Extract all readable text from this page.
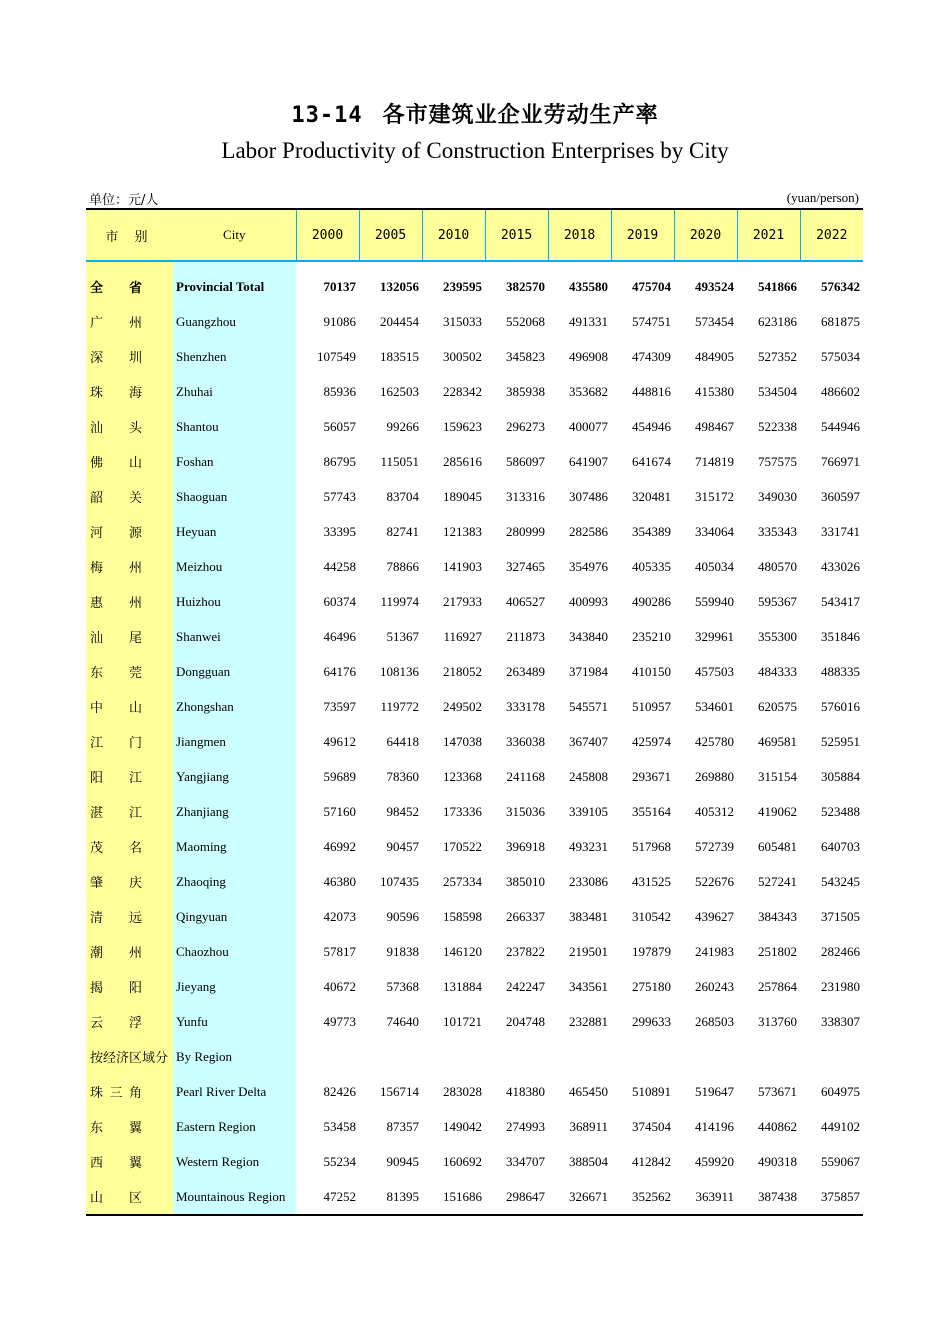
13-14 各市建筑业企业劳动生产率
Labor Productivity of Construction Enterprises by City
单位：元/人	(yuan/person)
市 别	City	2000	2005	2010	2015	2018	2019	2020	2021	2022

全省	Provincial Total	70137	132056	239595	382570	435580	475704	493524	541866	576342
广州	Guangzhou	91086	204454	315033	552068	491331	574751	573454	623186	681875
深圳	Shenzhen	107549	183515	300502	345823	496908	474309	484905	527352	575034
珠海	Zhuhai	85936	162503	228342	385938	353682	448816	415380	534504	486602
汕头	Shantou	56057	99266	159623	296273	400077	454946	498467	522338	544946
佛山	Foshan	86795	115051	285616	586097	641907	641674	714819	757575	766971
韶关	Shaoguan	57743	83704	189045	313316	307486	320481	315172	349030	360597
河源	Heyuan	33395	82741	121383	280999	282586	354389	334064	335343	331741
梅州	Meizhou	44258	78866	141903	327465	354976	405335	405034	480570	433026
惠州	Huizhou	60374	119974	217933	406527	400993	490286	559940	595367	543417
汕尾	Shanwei	46496	51367	116927	211873	343840	235210	329961	355300	351846
东莞	Dongguan	64176	108136	218052	263489	371984	410150	457503	484333	488335
中山	Zhongshan	73597	119772	249502	333178	545571	510957	534601	620575	576016
江门	Jiangmen	49612	64418	147038	336038	367407	425974	425780	469581	525951
阳江	Yangjiang	59689	78360	123368	241168	245808	293671	269880	315154	305884
湛江	Zhanjiang	57160	98452	173336	315036	339105	355164	405312	419062	523488
茂名	Maoming	46992	90457	170522	396918	493231	517968	572739	605481	640703
肇庆	Zhaoqing	46380	107435	257334	385010	233086	431525	522676	527241	543245
清远	Qingyuan	42073	90596	158598	266337	383481	310542	439627	384343	371505
潮州	Chaozhou	57817	91838	146120	237822	219501	197879	241983	251802	282466
揭阳	Jieyang	40672	57368	131884	242247	343561	275180	260243	257864	231980
云浮	Yunfu	49773	74640	101721	204748	232881	299633	268503	313760	338307
按经济区域分	By Region									
珠三角	Pearl River Delta	82426	156714	283028	418380	465450	510891	519647	573671	604975
东翼	Eastern Region	53458	87357	149042	274993	368911	374504	414196	440862	449102
西翼	Western Region	55234	90945	160692	334707	388504	412842	459920	490318	559067
山区	Mountainous Region	47252	81395	151686	298647	326671	352562	363911	387438	375857
